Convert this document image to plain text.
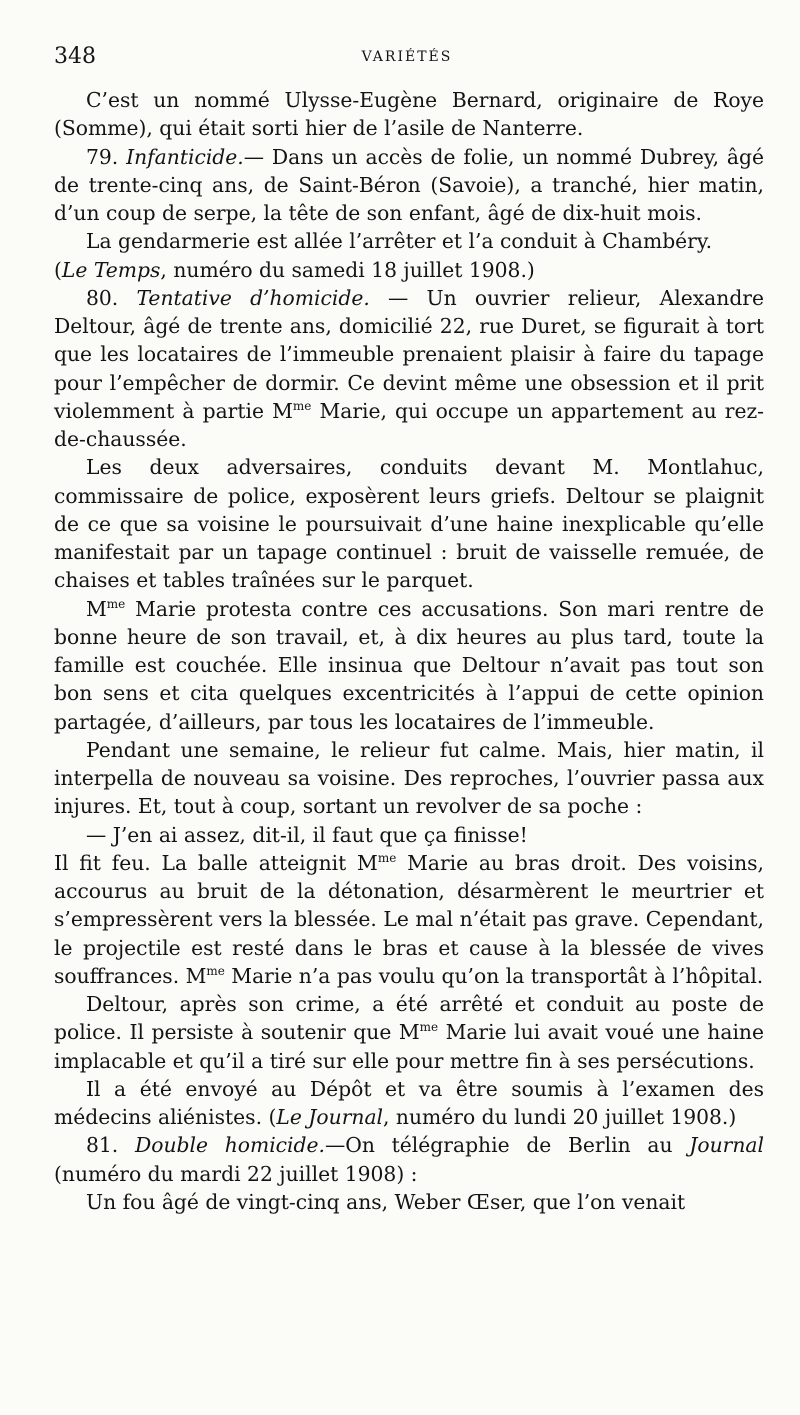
348	VARIÉTÉS

C’est un nommé Ulysse-Eugène Bernard, originaire de Roye (Somme), qui était sorti hier de l’asile de Nanterre.

79. Infanticide.— Dans un accès de folie, un nommé Dubrey, âgé de trente-cinq ans, de Saint-Béron (Savoie), a tranché, hier matin, d’un coup de serpe, la tête de son enfant, âgé de dix-huit mois.

La gendarmerie est allée l’arrêter et l’a conduit à Chambéry.

(Le Temps, numéro du samedi 18 juillet 1908.)

80. Tentative d’homicide. — Un ouvrier relieur, Alexandre Deltour, âgé de trente ans, domicilié 22, rue Duret, se figurait à tort que les locataires de l’immeuble prenaient plaisir à faire du tapage pour l’empêcher de dormir. Ce devint même une obsession et il prit violemment à partie $M^{me}$ Marie, qui occupe un appartement au rez-de-chaussée.

Les deux adversaires, conduits devant M. Montlahuc, commissaire de police, exposèrent leurs griefs. Deltour se plaignit de ce que sa voisine le poursuivait d’une haine inexplicable qu’elle manifestait par un tapage continuel : bruit de vaisselle remuée, de chaises et tables traînées sur le parquet.

$M^{me}$ Marie protesta contre ces accusations. Son mari rentre de bonne heure de son travail, et, à dix heures au plus tard, toute la famille est couchée. Elle insinua que Deltour n’avait pas tout son bon sens et cita quelques excentricités à l’appui de cette opinion partagée, d’ailleurs, par tous les locataires de l’immeuble.

Pendant une semaine, le relieur fut calme. Mais, hier matin, il interpella de nouveau sa voisine. Des reproches, l’ouvrier passa aux injures. Et, tout à coup, sortant un revolver de sa poche :

— J’en ai assez, dit-il, il faut que ça finisse!

Il fit feu. La balle atteignit $M^{me}$ Marie au bras droit. Des voisins, accourus au bruit de la détonation, désarmèrent le meurtrier et s’empressèrent vers la blessée. Le mal n’était pas grave. Cependant, le projectile est resté dans le bras et cause à la blessée de vives souffrances. $M^{me}$ Marie n’a pas voulu qu’on la transportât à l’hôpital.

Deltour, après son crime, a été arrêté et conduit au poste de police. Il persiste à soutenir que $M^{me}$ Marie lui avait voué une haine implacable et qu’il a tiré sur elle pour mettre fin à ses persécutions.

Il a été envoyé au Dépôt et va être soumis à l’examen des médecins aliénistes. (Le Journal, numéro du lundi 20 juillet 1908.)

81. Double homicide.—On télégraphie de Berlin au Journal (numéro du mardi 22 juillet 1908) :

Un fou âgé de vingt-cinq ans, Weber Œser, que l’on venait
